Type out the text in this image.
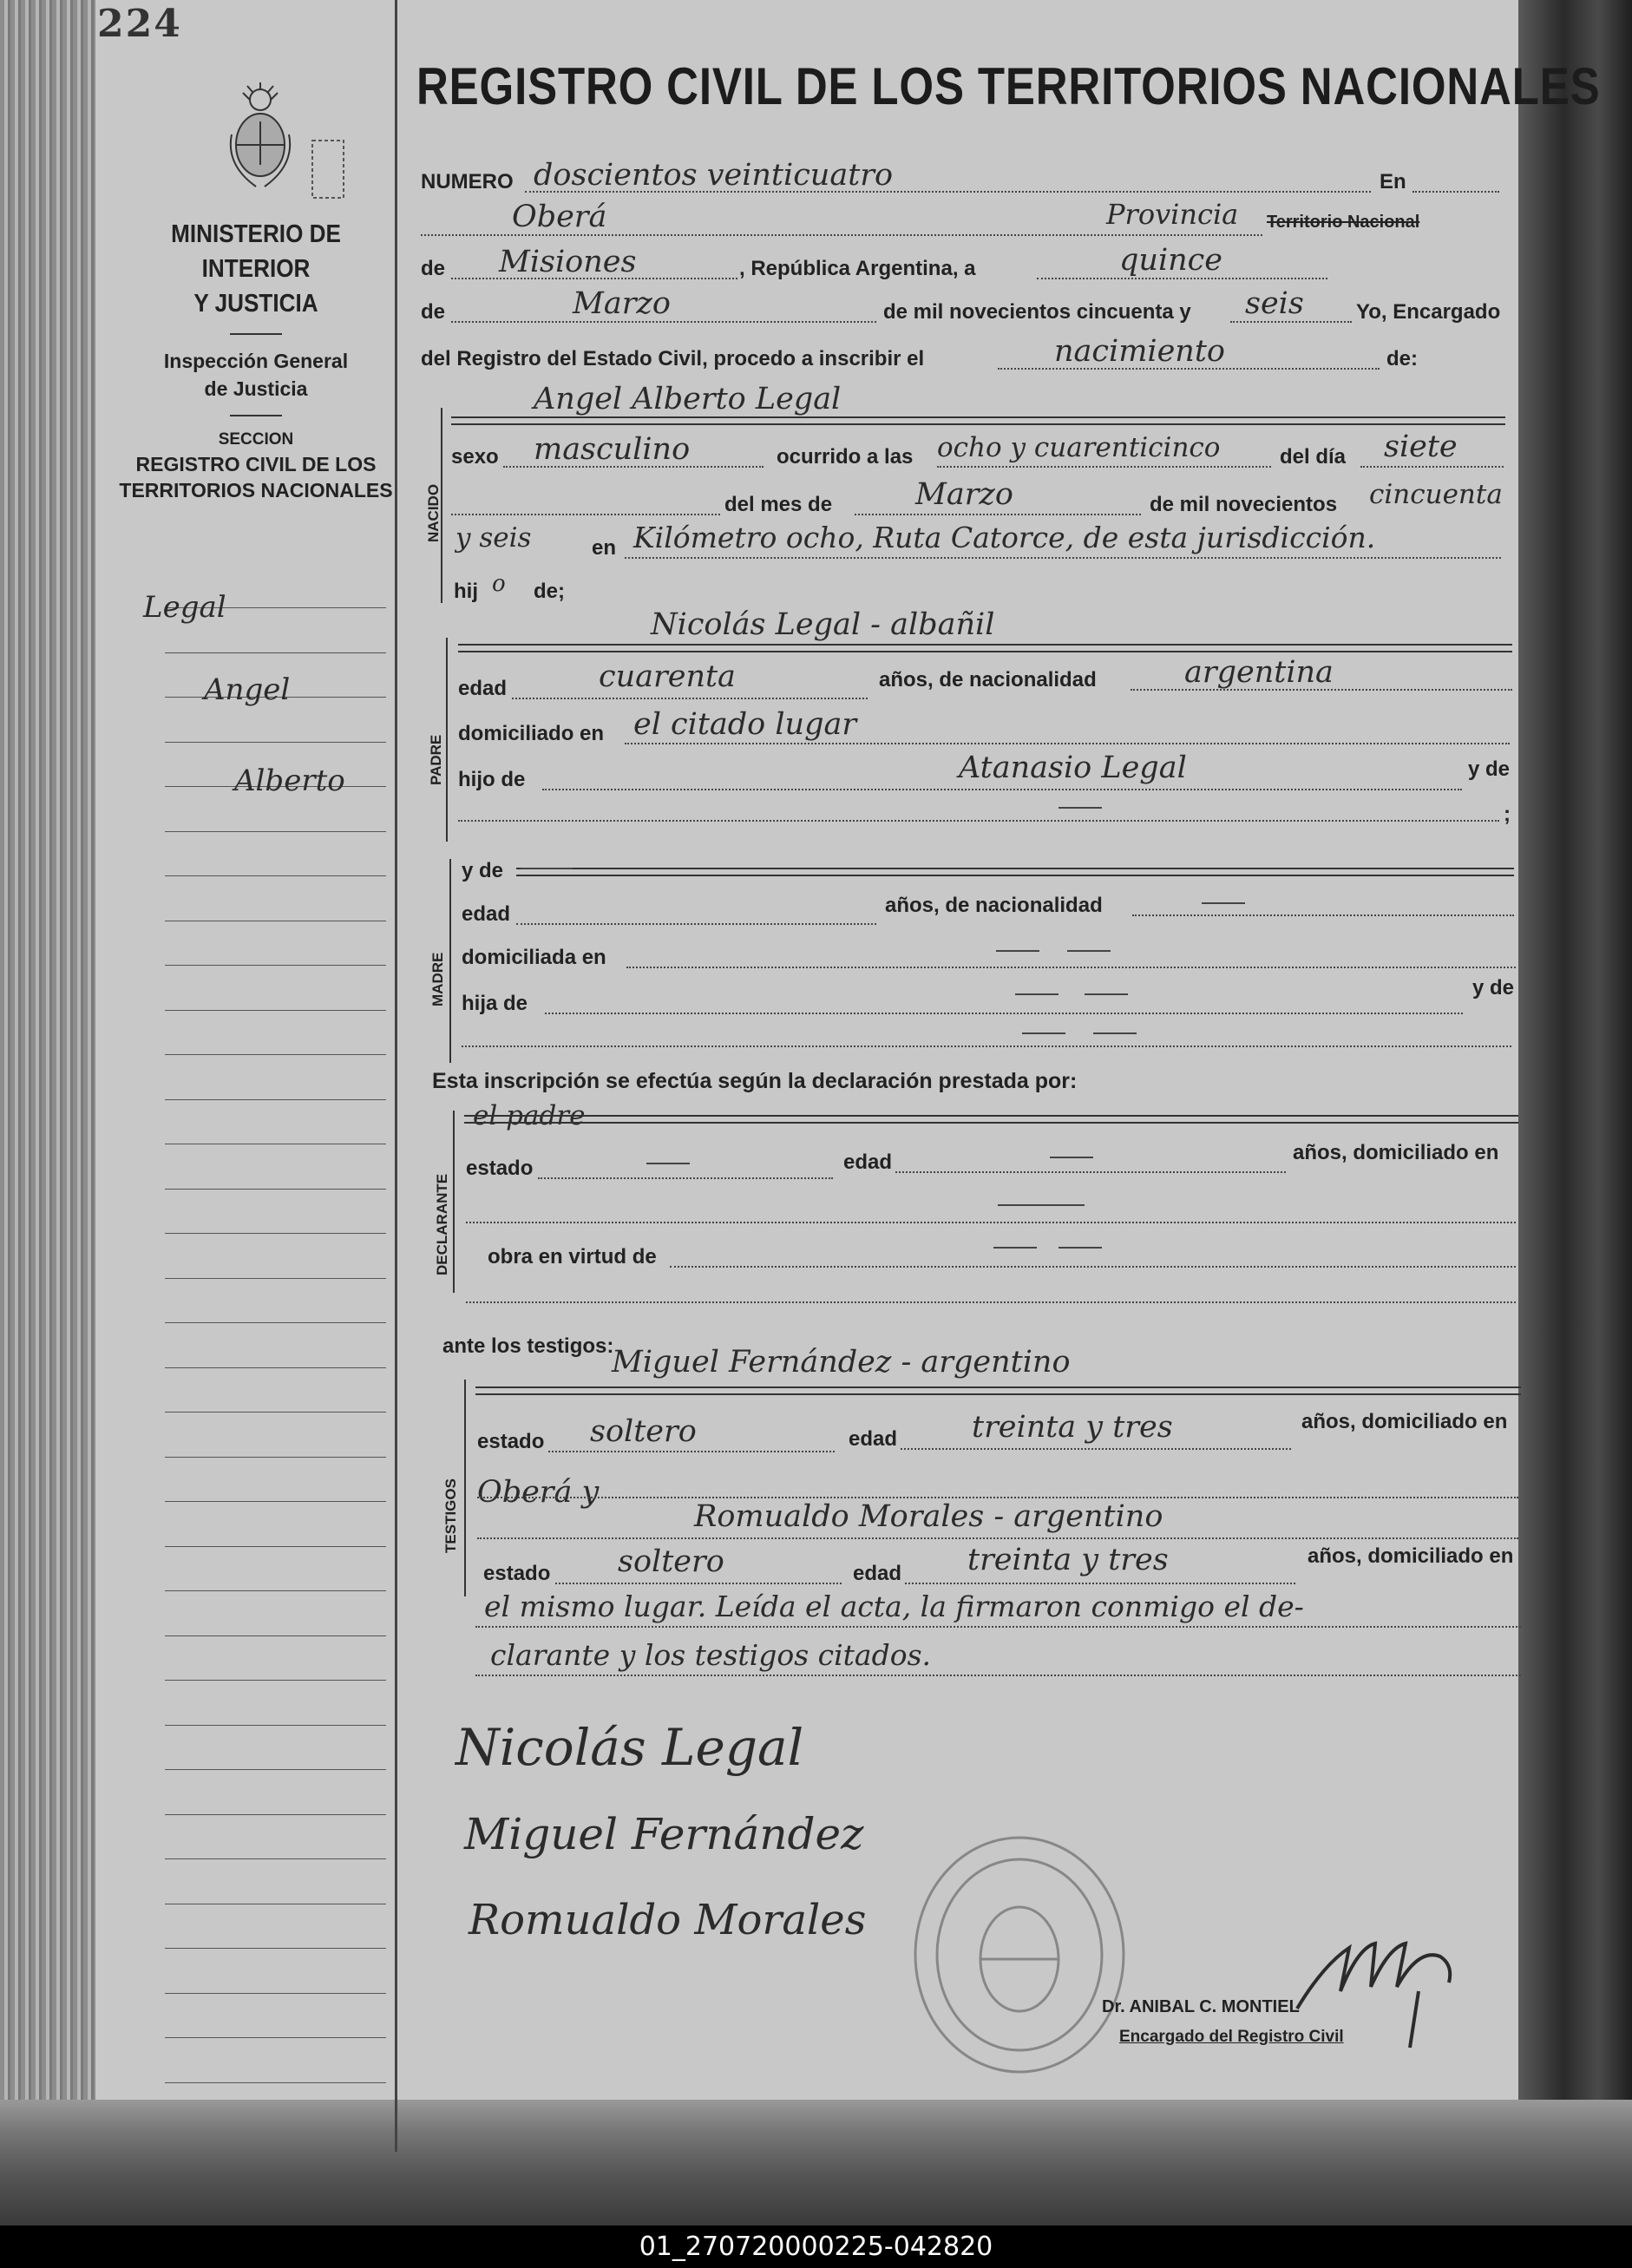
224
MINISTERIO DE INTERIOR
Y JUSTICIA
Inspección General
de Justicia
SECCION
REGISTRO CIVIL DE LOS
TERRITORIOS NACIONALES
Legal
Angel
Alberto
REGISTRO CIVIL DE LOS TERRITORIOS NACIONALES
NUMERO doscientos veinticuatro	En
Oberá	Provincia Territorio Nacional
de Misiones	, República Argentina, a	quince
de	Marzo	de mil novecientos cincuenta y seis	Yo, Encargado
del Registro del Estado Civil, procedo a inscribir el	nacimiento	de:
Angel Alberto Legal
NACIDO
sexo masculino	ocurrido a las ocho y cuarenticinco	del día siete
del mes de	Marzo	de mil novecientos cincuenta
y seis	en Kilómetro ocho, Ruta Catorce, de esta jurisdicción.
hij o de;
Nicolás Legal - albañil
PADRE
edad	cuarenta	años, de nacionalidad	argentina
domiciliado en el citado lugar
hijo de	Atanasio Legal	y de
;
MADRE
y de
edad	años, de nacionalidad
domiciliada en
hija de
y de
Esta inscripción se efectúa según la declaración prestada por:
el padre
DECLARANTE
estado	edad	años, domiciliado en
obra en virtud de
ante los testigos:
Miguel Fernández - argentino
TESTIGOS
estado soltero	edad treinta y tres	años, domiciliado en
Oberá y
Romualdo Morales - argentino
estado soltero	edad treinta y tres	años, domiciliado en
el mismo lugar. Leída el acta, la firmaron conmigo el de-
clarante y los testigos citados.
Nicolás Legal
Miguel Fernández
Romualdo Morales
Dr. ANIBAL C. MONTIEL
Encargado del Registro Civil
01_270720000225-042820
